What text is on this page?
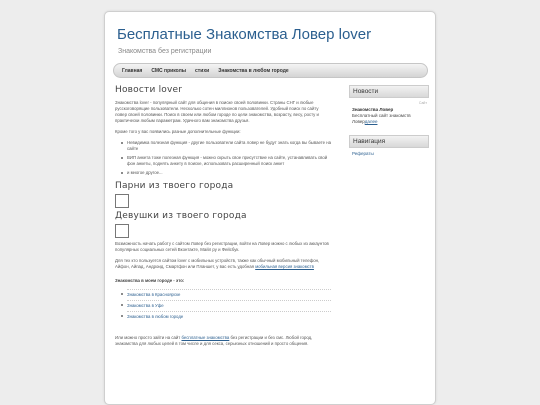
Бесплатные Знакомства Ловер lover
Знакомства без регистрации
Главная СМС приколы стихи Знакомства в любом городе
Новости lover

Знакомства lover - популярный сайт для общения в поиске своей половинки. Страны СНГ и любые русскоговорящие пользователи. Несколько сотен миллионов пользователей. Удобный поиск по сайту ловер своей половинки. Поиск в своем или любом городе по цели знакомства, возрасту, весу, росту и практически любым параметрам. Удачного вам знакомства друзья.

Кроме того у вас появились разные дополнительные функции:

Невидимка полезная функция - другие пользователи сайта ловер не будут знать когда вы бываете на сайте
ВИП анкета тоже полезная функция - можно скрыть свое присутствие на сайте, устанавливать свой фон анкеты, поднять анкету в поиске, использовать расширенный поиск анкет
и многое другое...
Парни из твоего города
Девушки из твоего города

Возможность начать работу с сайтом Ловер без регистрации, войти на Ловер можно с любых из аккаунтов популярных социальных сетей Вконтакте, Майл ру и Фейсбук.

Для тех кто пользуется сайтом lover с мобильных устройств, также как обычный мобильный телефон, Айфон, Айпад, Андроид, Смартфон или Планшет, у вас есть удобная мобильная версия знакомств

Знакомства в моем городе - это:
Знакомства в Красноярске
Знакомства в Уфе
Знакомства в любом городе

Или можно просто зайти на сайт бесплатные знакомства без регистрации и без смс. Любой город, знакомства для любых целей в том числе и для секса, серьезных отношений и просто общения.

Новости
Сайт
Знакомства Ловер
Бесплатный сайт знакомств Ловердалее
Навигация
Рефераты
